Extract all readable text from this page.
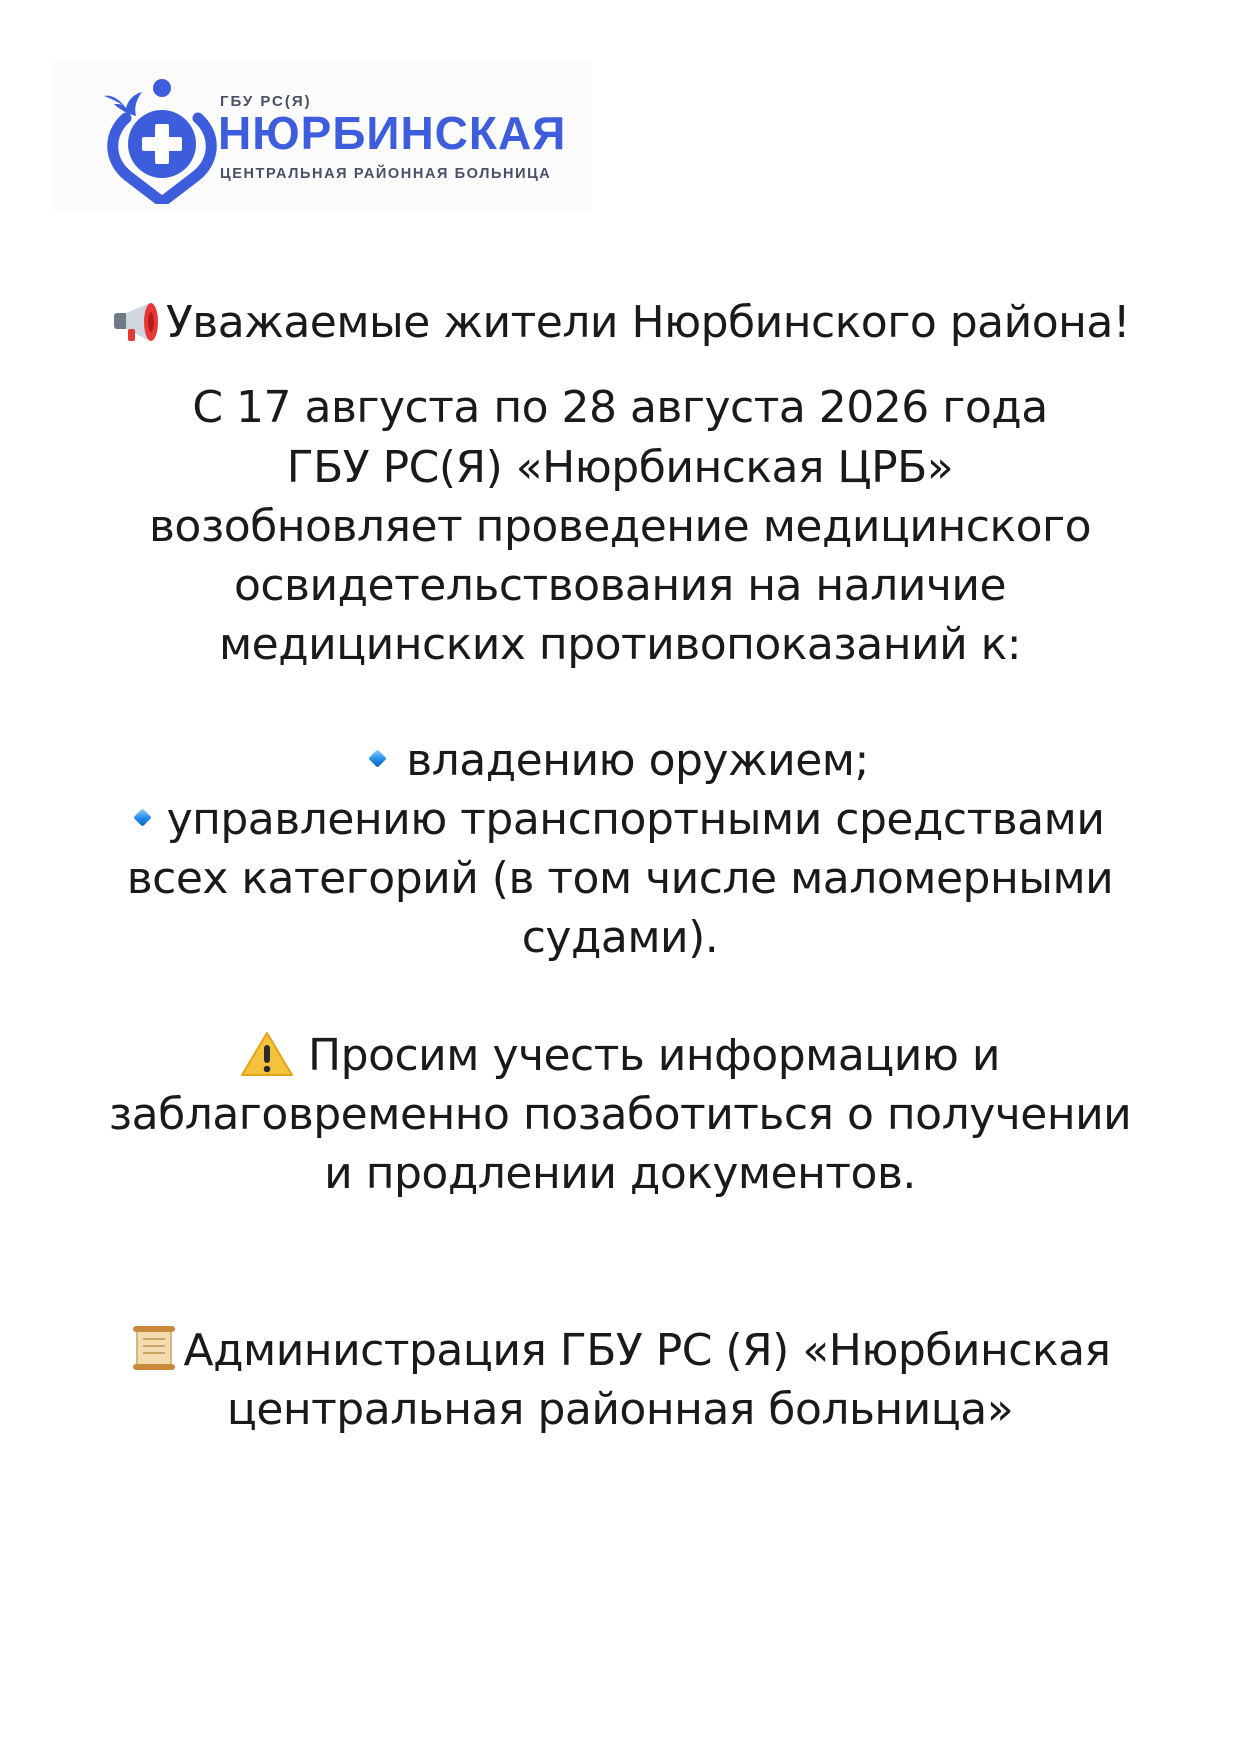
ГБУ РС(Я)
НЮРБИНСКАЯ
ЦЕНТРАЛЬНАЯ РАЙОННАЯ БОЛЬНИЦА
Уважаемые жители Нюрбинского района!
С 17 августа по 28 августа 2026 года
ГБУ РС(Я) «Нюрбинская ЦРБ»
возобновляет проведение медицинского
освидетельствования на наличие
медицинских противопоказаний к:
владению оружием;
управлению транспортными средствами
всех категорий (в том числе маломерными
судами).
Просим учесть информацию и
заблаговременно позаботиться о получении
и продлении документов.
Администрация ГБУ РС (Я) «Нюрбинская
центральная районная больница»
